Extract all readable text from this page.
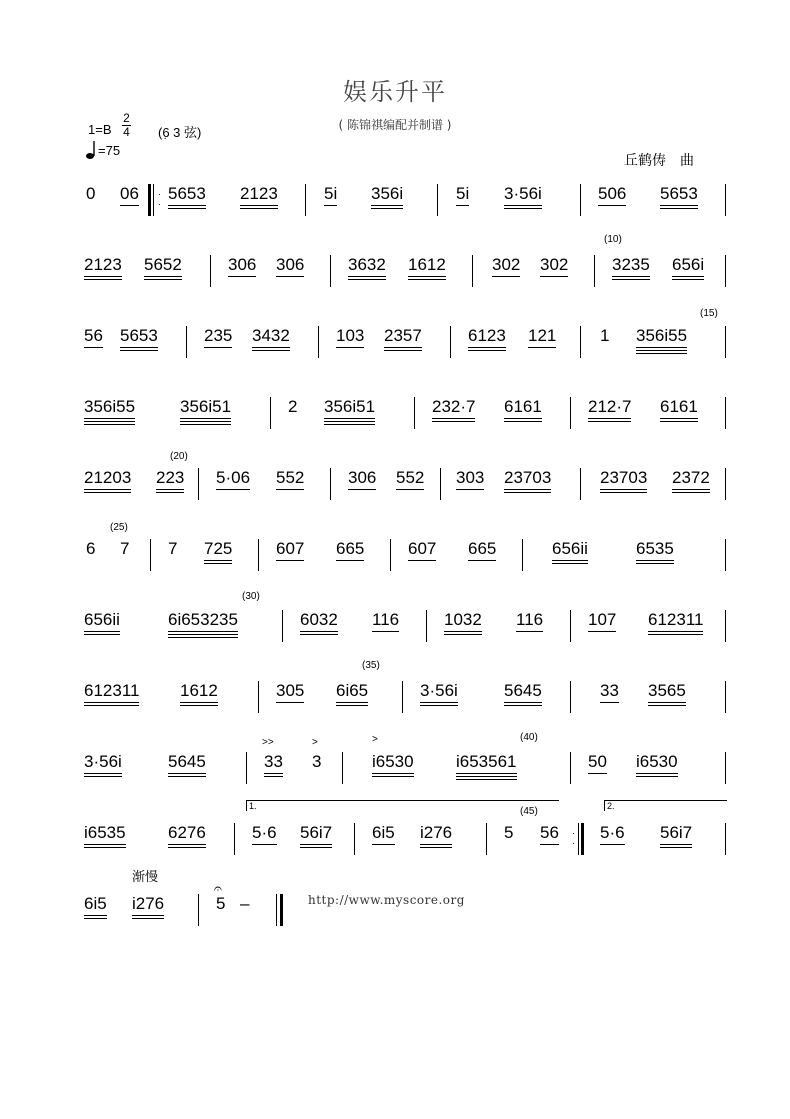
娱乐升平
( 陈锦祺编配并制谱 )
1=B
2
4 (6̣ 3 弦)
=75
丘鹤俦　曲
0 06 ·
·
5653 2123	5i 356i	5i 3·56i	506 5653
2123 5652	306 306	3632 1612	302 302
(10)
3235 656i
56 5653	235 3432	103 2357	6123 121	1 356i55
(15)
356i55	356i51	2 356i51	232·7 6161	212·7 6161
21203 223
(20)
5·06 552	306 552 303 23703	23703 2372
6
(25)
7 7 725	607 665	607 665	656ii	6535
656ii	6i653235
(30)
6032 116	1032 116	107 612311
612311 1612	305 6i65
(35)
3·56i	5645	33 3565
3·56i	5645
>>
33
>
3
>
i6530 i653561
(40)
50 i6530
1.	2.
i6535 6276	5·6 56i7 6i5 i276	5
(45)
56 ·
·
5·6 56i7
渐慢
6i5 i276
𝄐
5 –	http://www.myscore.org
